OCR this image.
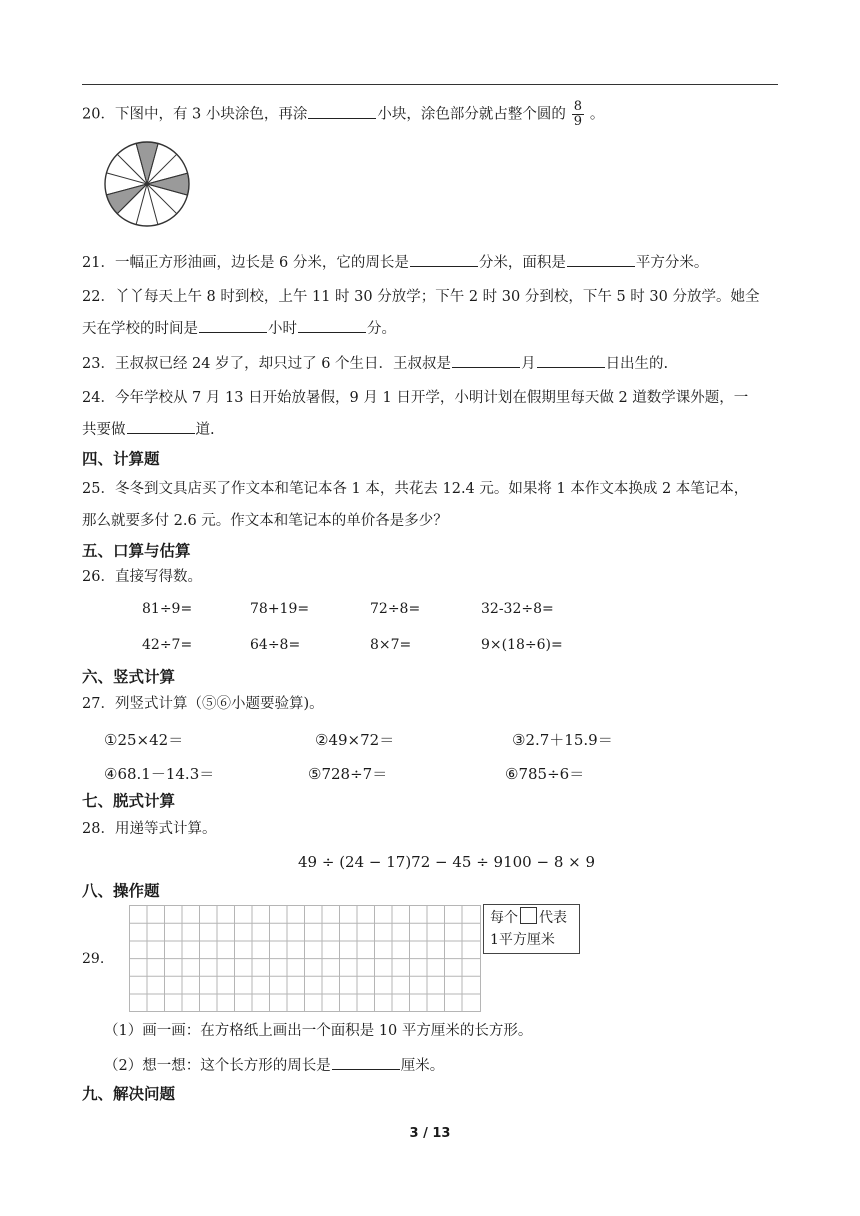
20．下图中，有 3 小块涂色，再涂	小块，涂色部分就占整个圆的 $\frac{8}{9}$ 。
21．一幅正方形油画，边长是 6 分米，它的周长是	分米，面积是	平方分米。
22．丫丫每天上午 8 时到校，上午 11 时 30 分放学；下午 2 时 30 分到校，下午 5 时 30 分放学。她全
天在学校的时间是	小时	分。
23．王叔叔已经 24 岁了，却只过了 6 个生日．王叔叔是	月	日出生的.
24．今年学校从 7 月 13 日开始放暑假，9 月 1 日开学，小明计划在假期里每天做 2 道数学课外题，一
共要做	道.
四、计算题
25．冬冬到文具店买了作文本和笔记本各 1 本，共花去 12.4 元。如果将 1 本作文本换成 2 本笔记本，
那么就要多付 2.6 元。作文本和笔记本的单价各是多少？
五、口算与估算
26．直接写得数。
81÷9=	78+19=	72÷8=	32-32÷8=
42÷7=	64÷8=	8×7=	9×(18÷6)=
六、竖式计算
27．列竖式计算（⑤⑥小题要验算)。
①25×42＝	②49×72＝	③2.7＋15.9＝
④68.1－14.3＝	⑤728÷7＝	⑥785÷6＝
七、脱式计算
28．用递等式计算。
49 ÷ (24 − 17)72 − 45 ÷ 9100 − 8 × 9
八、操作题
29.
每个 代表
1平方厘米
（1）画一画：在方格纸上画出一个面积是 10 平方厘米的长方形。
（2）想一想：这个长方形的周长是	厘米。
九、解决问题
3 / 13
